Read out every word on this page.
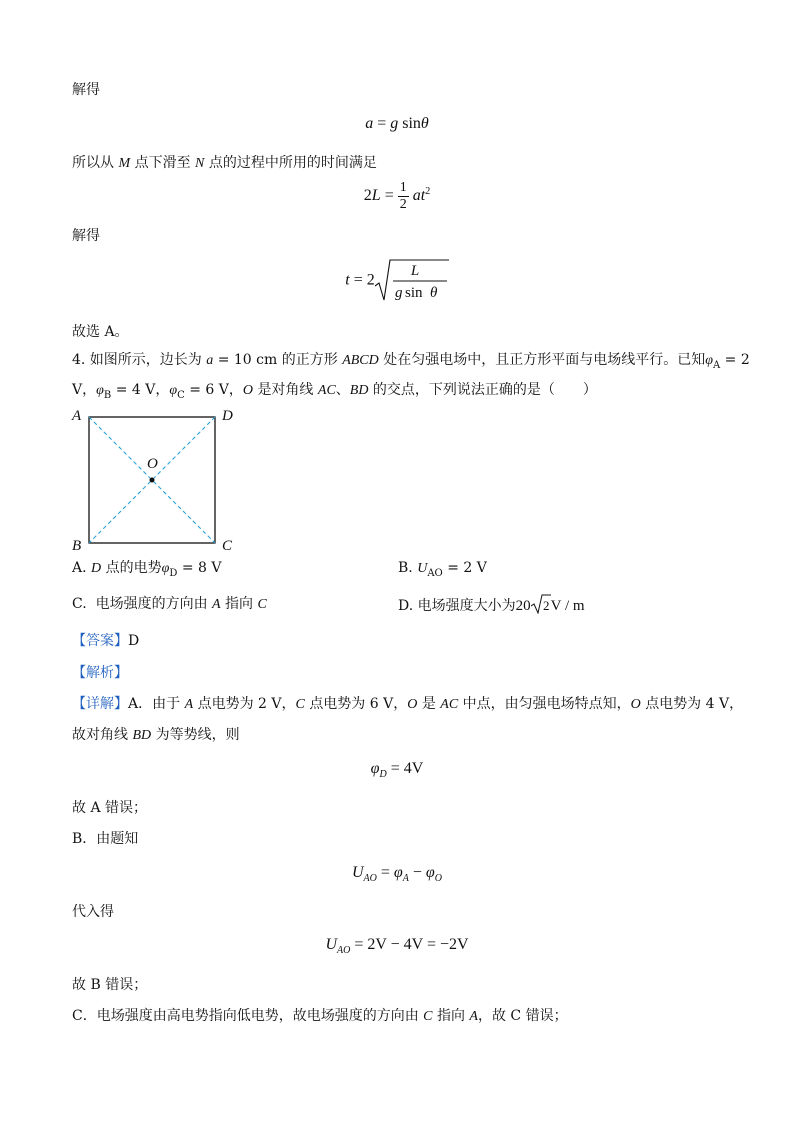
解得
a = g sinθ
所以从 M 点下滑至 N 点的过程中所用的时间满足
$2L = \frac{1}{2} at^2$
解得
t = 2
L
g sin θ
故选 A。
4. 如图所示，边长为 a = 10 cm 的正方形 ABCD 处在匀强电场中，且正方形平面与电场线平行。已知$\varphi_A = 2$
V，$\varphi_B = 4$ V，$\varphi_C = 6$ V，O 是对角线 AC、BD 的交点，下列说法正确的是（　　）
A	D
B	C
O
A. D 点的电势$\varphi_D = 8$ V	B. $U_{AO} = 2$ V
C.  电场强度的方向由 A 指向 C	D. 电场强度大小为20 2 V / m
【答案】D
【解析】
【详解】A．由于 A 点电势为 2 V，C 点电势为 6 V，O 是 AC 中点，由匀强电场特点知，O 点电势为 4 V，
故对角线 BD 为等势线，则
$\varphi_D = 4V$
故 A 错误；
B．由题知
$U_{AO} = \varphi_A - \varphi_O$
代入得
$U_{AO} = 2V - 4V = -2V$
故 B 错误；
C．电场强度由高电势指向低电势，故电场强度的方向由 C 指向 A，故 C 错误；
